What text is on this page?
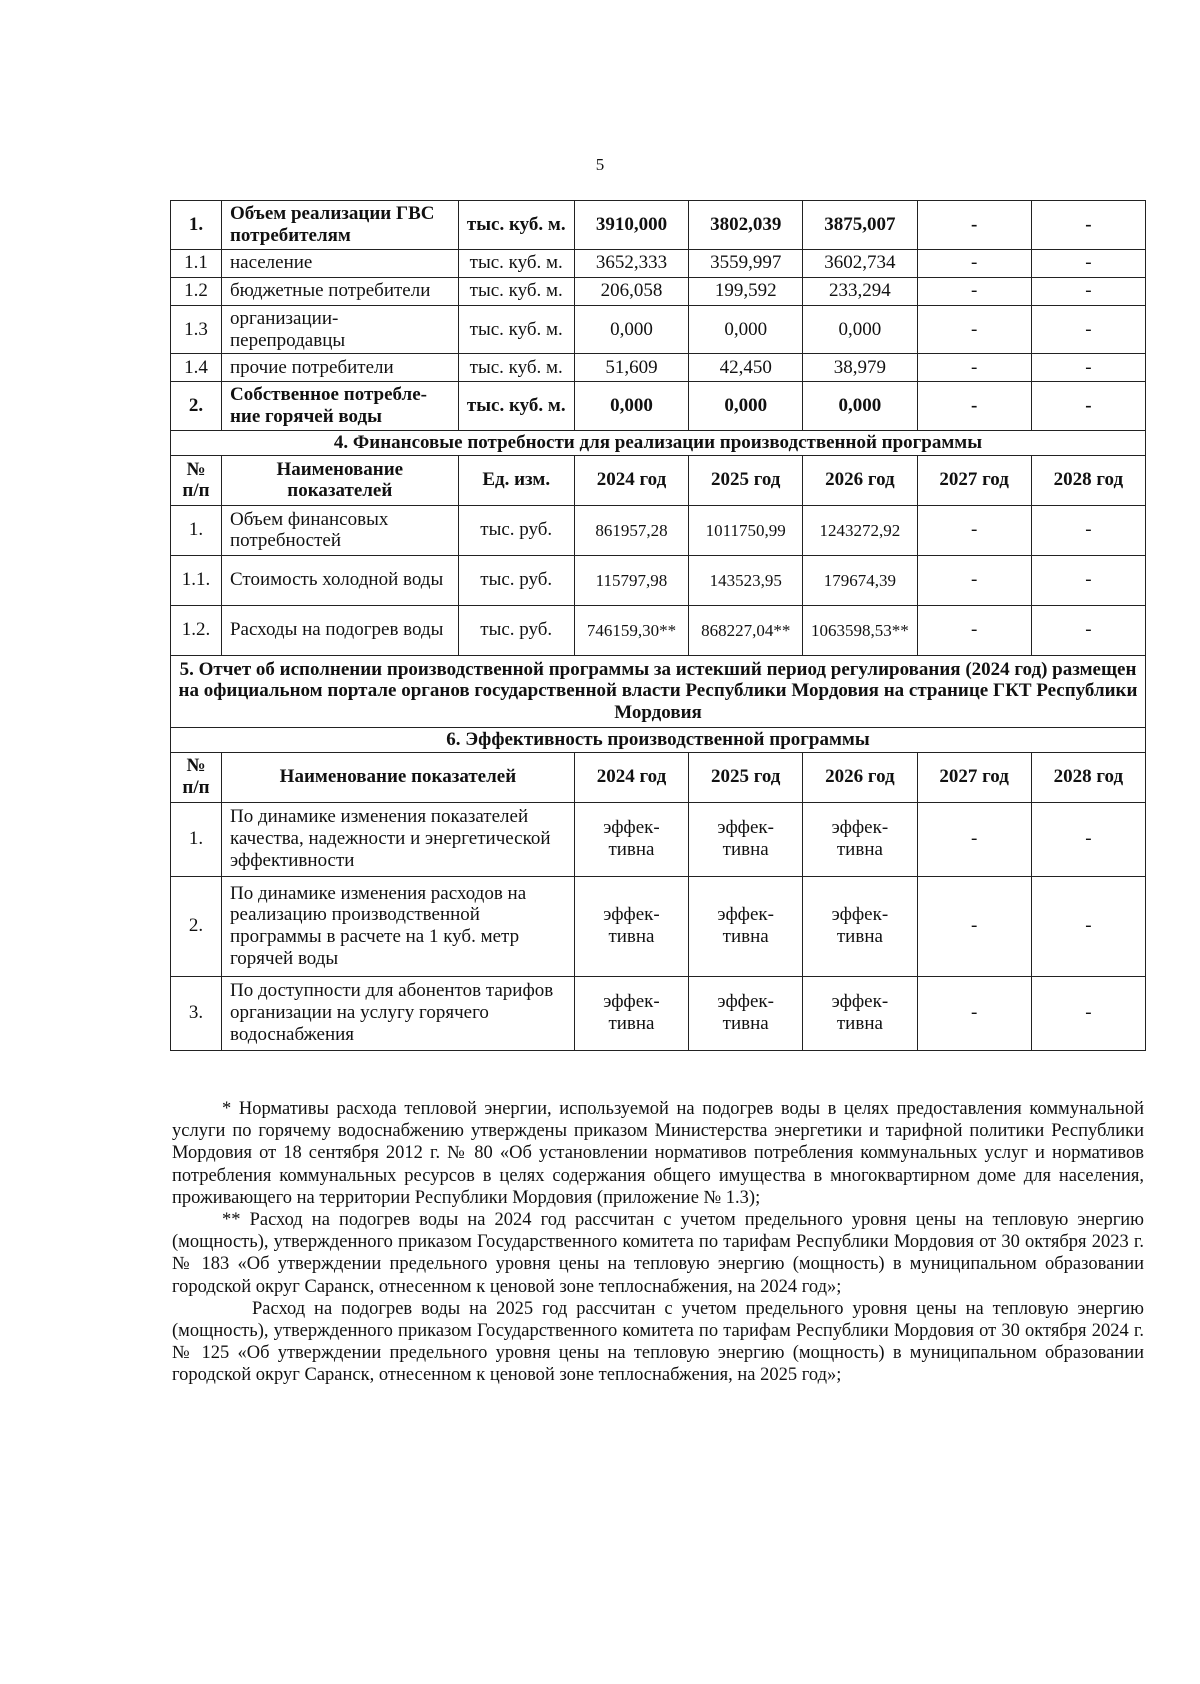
5
1.	Объем реализации ГВС потребителям	тыс. куб. м.	3910,000	3802,039	3875,007	-	-
1.1	население	тыс. куб. м.	3652,333	3559,997	3602,734	-	-
1.2	бюджетные потребители	тыс. куб. м.	206,058	199,592	233,294	-	-
1.3	организации-перепродавцы	тыс. куб. м.	0,000	0,000	0,000	-	-
1.4	прочие потребители	тыс. куб. м.	51,609	42,450	38,979	-	-
2.	Собственное потребле-ние горячей воды	тыс. куб. м.	0,000	0,000	0,000	-	-
4. Финансовые потребности для реализации производственной программы							
№ п/п	Наименование показателей	Ед. изм.	2024 год	2025 год	2026 год	2027 год	2028 год
1.	Объем финансовых потребностей	тыс. руб.	861957,28	1011750,99	1243272,92	-	-
1.1.	Стоимость холодной воды	тыс. руб.	115797,98	143523,95	179674,39	-	-
1.2.	Расходы на подогрев воды	тыс. руб.	746159,30**	868227,04**	1063598,53**	-	-
5. Отчет об исполнении производственной программы за истекший период регулирования (2024 год) размещен на официальном портале органов государственной власти Республики Мордовия на странице ГКТ Республики Мордовия							
6. Эффективность производственной программы							
№ п/п	Наименование показателей		2024 год	2025 год	2026 год	2027 год	2028 год
1.	По динамике изменения показателей качества, надежности и энергетической эффективности		эффек-тивна	эффек-тивна	эффек-тивна	-	-
2.	По динамике изменения расходов на реализацию производственной программы в расчете на 1 куб. метр горячей воды		эффек-тивна	эффек-тивна	эффек-тивна	-	-
3.	По доступности для абонентов тарифов организации на услугу горячего водоснабжения		эффек-тивна	эффек-тивна	эффек-тивна	-	-

* Нормативы расхода тепловой энергии, используемой на подогрев воды в целях предоставления коммунальной услуги по горячему водоснабжению утверждены приказом Министерства энергетики и тарифной политики Республики Мордовия от 18 сентября 2012 г. № 80 «Об установлении нормативов потребления коммунальных услуг и нормативов потребления коммунальных ресурсов в целях содержания общего имущества в многоквартирном доме для населения, проживающего на территории Республики Мордовия (приложение № 1.3);

** Расход на подогрев воды на 2024 год рассчитан с учетом предельного уровня цены на тепловую энергию (мощность), утвержденного приказом Государственного комитета по тарифам Республики Мордовия от 30 октября 2023 г. № 183 «Об утверждении предельного уровня цены на тепловую энергию (мощность) в муниципальном образовании городской округ Саранск, отнесенном к ценовой зоне теплоснабжения, на 2024 год»;

Расход на подогрев воды на 2025 год рассчитан с учетом предельного уровня цены на тепловую энергию (мощность), утвержденного приказом Государственного комитета по тарифам Республики Мордовия от 30 октября 2024 г. № 125 «Об утверждении предельного уровня цены на тепловую энергию (мощность) в муниципальном образовании городской округ Саранск, отнесенном к ценовой зоне теплоснабжения, на 2025 год»;
